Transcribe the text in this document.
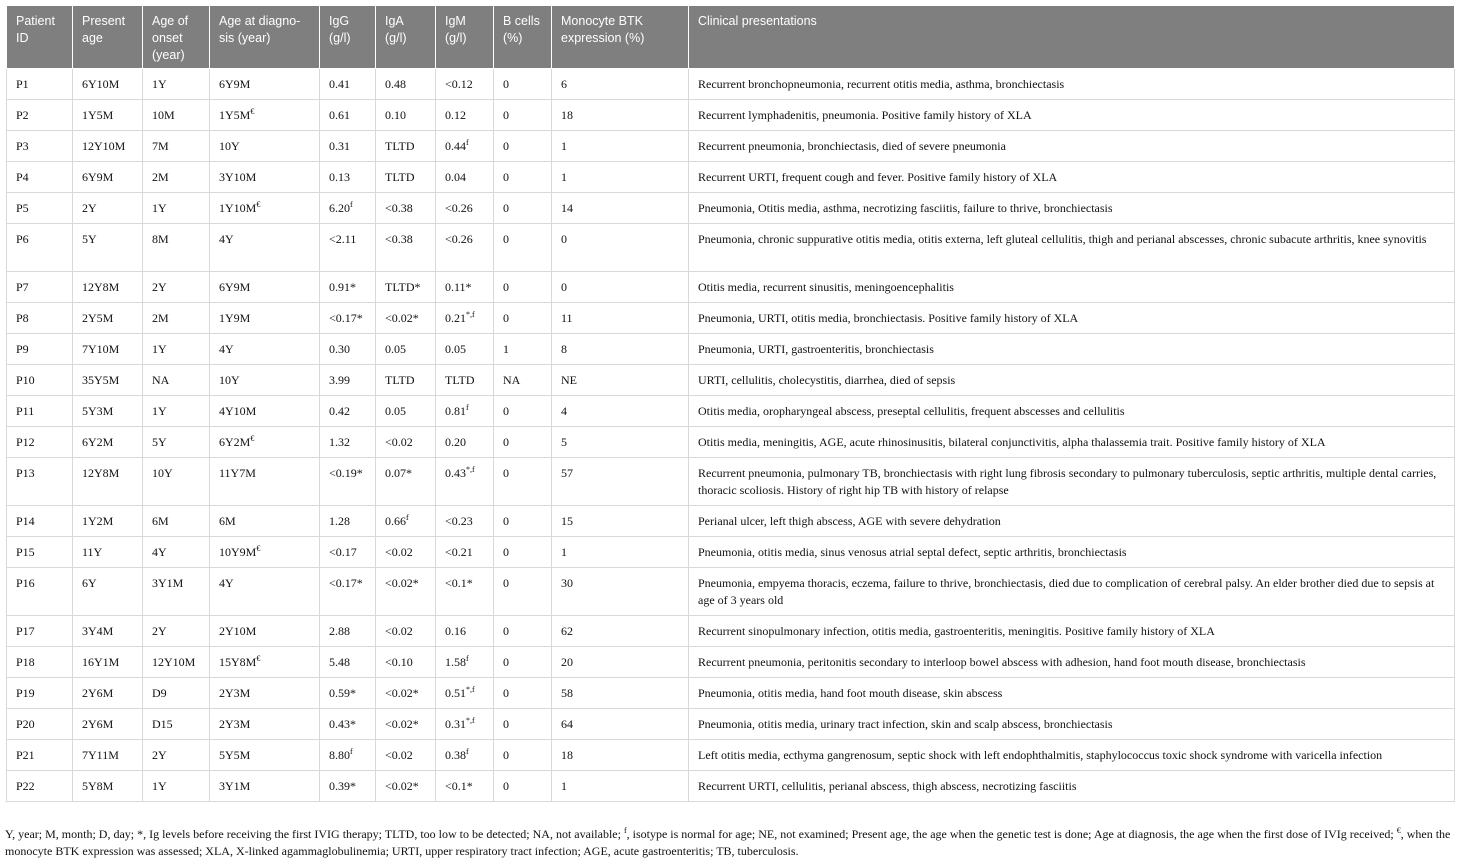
Patient ID	Present age	Age of onset (year)	Age at diagno-sis (year)	IgG (g/l)	IgA (g/l)	IgM (g/l)	B cells (%)	Monocyte BTK expression (%)	Clinical presentations
P1	6Y10M	1Y	6Y9M	0.41	0.48	<0.12	0	6	Recurrent bronchopneumonia, recurrent otitis media, asthma, bronchiectasis
P2	1Y5M	10M	1Y5M€	0.61	0.10	0.12	0	18	Recurrent lymphadenitis, pneumonia. Positive family history of XLA
P3	12Y10M	7M	10Y	0.31	TLTD	0.44$^f$	0	1	Recurrent pneumonia, bronchiectasis, died of severe pneumonia
P4	6Y9M	2M	3Y10M	0.13	TLTD	0.04	0	1	Recurrent URTI, frequent cough and fever. Positive family history of XLA
P5	2Y	1Y	1Y10M€	6.20$^f$	<0.38	<0.26	0	14	Pneumonia, Otitis media, asthma, necrotizing fasciitis, failure to thrive, bronchiectasis
P6	5Y	8M	4Y	<2.11	<0.38	<0.26	0	0	Pneumonia, chronic suppurative otitis media, otitis externa, left gluteal cellulitis, thigh and perianal abscesses, chronic subacute arthritis, knee synovitis
P7	12Y8M	2Y	6Y9M	0.91*	TLTD*	0.11*	0	0	Otitis media, recurrent sinusitis, meningoencephalitis
P8	2Y5M	2M	1Y9M	<0.17*	<0.02*	$0.21^{*,f}$	0	11	Pneumonia, URTI, otitis media, bronchiectasis. Positive family history of XLA
P9	7Y10M	1Y	4Y	0.30	0.05	0.05	1	8	Pneumonia, URTI, gastroenteritis, bronchiectasis
P10	35Y5M	NA	10Y	3.99	TLTD	TLTD	NA	NE	URTI, cellulitis, cholecystitis, diarrhea, died of sepsis
P11	5Y3M	1Y	4Y10M	0.42	0.05	0.81$^f$	0	4	Otitis media, oropharyngeal abscess, preseptal cellulitis, frequent abscesses and cellulitis
P12	6Y2M	5Y	6Y2M€	1.32	<0.02	0.20	0	5	Otitis media, meningitis, AGE, acute rhinosinusitis, bilateral conjunctivitis, alpha thalassemia trait. Positive family history of XLA
P13	12Y8M	10Y	11Y7M	<0.19*	0.07*	$0.43^{*,f}$	0	57	Recurrent pneumonia, pulmonary TB, bronchiectasis with right lung fibrosis secondary to pulmonary tuberculosis, septic arthritis, multiple dental carries, thoracic scoliosis. History of right hip TB with history of relapse
P14	1Y2M	6M	6M	1.28	0.66$^f$	<0.23	0	15	Perianal ulcer, left thigh abscess, AGE with severe dehydration
P15	11Y	4Y	10Y9M€	<0.17	<0.02	<0.21	0	1	Pneumonia, otitis media, sinus venosus atrial septal defect, septic arthritis, bronchiectasis
P16	6Y	3Y1M	4Y	<0.17*	<0.02*	<0.1*	0	30	Pneumonia, empyema thoracis, eczema, failure to thrive, bronchiectasis, died due to complication of cerebral palsy. An elder brother died due to sepsis at age of 3 years old
P17	3Y4M	2Y	2Y10M	2.88	<0.02	0.16	0	62	Recurrent sinopulmonary infection, otitis media, gastroenteritis, meningitis. Positive family history of XLA
P18	16Y1M	12Y10M	15Y8M€	5.48	<0.10	1.58$^f$	0	20	Recurrent pneumonia, peritonitis secondary to interloop bowel abscess with adhesion, hand foot mouth disease, bronchiectasis
P19	2Y6M	D9	2Y3M	0.59*	<0.02*	$0.51^{*,f}$	0	58	Pneumonia, otitis media, hand foot mouth disease, skin abscess
P20	2Y6M	D15	2Y3M	0.43*	<0.02*	$0.31^{*,f}$	0	64	Pneumonia, otitis media, urinary tract infection, skin and scalp abscess, bronchiectasis
P21	7Y11M	2Y	5Y5M	8.80$^f$	<0.02	0.38$^f$	0	18	Left otitis media, ecthyma gangrenosum, septic shock with left endophthalmitis, staphylococcus toxic shock syndrome with varicella infection
P22	5Y8M	1Y	3Y1M	0.39*	<0.02*	<0.1*	0	1	Recurrent URTI, cellulitis, perianal abscess, thigh abscess, necrotizing fasciitis
Y, year; M, month; D, day; *, Ig levels before receiving the first IVIG therapy; TLTD, too low to be detected; NA, not available; $^f$, isotype is normal for age; NE, not examined; Present age, the age when the genetic test is done; Age at diagnosis, the age when the first dose of IVIg received; €, when the monocyte BTK expression was assessed; XLA, X-linked agammaglobulinemia; URTI, upper respiratory tract infection; AGE, acute gastroenteritis; TB, tuberculosis.
